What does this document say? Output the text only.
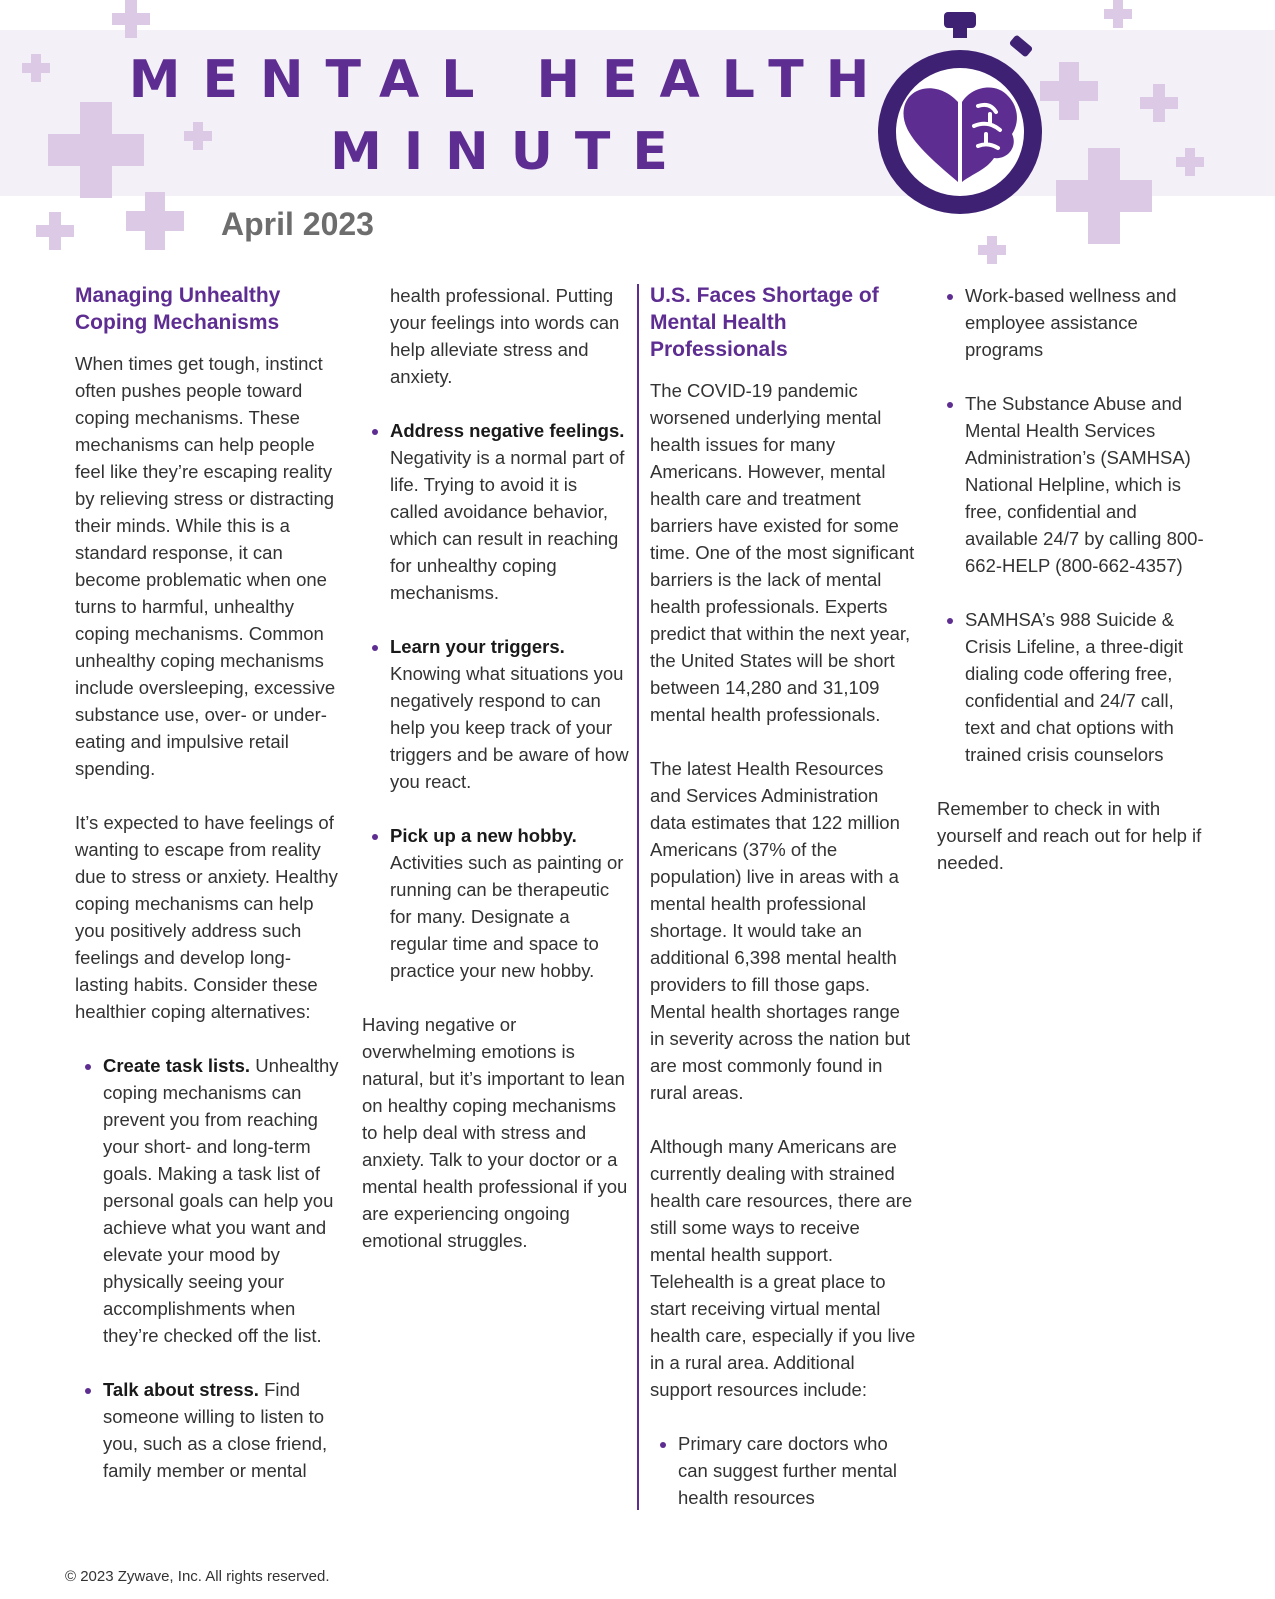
MENTAL HEALTH
MINUTE

April 2023

Managing Unhealthy Coping Mechanisms

When times get tough, instinct often pushes people toward coping mechanisms. These mechanisms can help people feel like they’re escaping reality by relieving stress or distracting their minds. While this is a standard response, it can become problematic when one turns to harmful, unhealthy coping mechanisms. Common unhealthy coping mechanisms include oversleeping, excessive substance use, over- or under-eating and impulsive retail spending.

It’s expected to have feelings of wanting to escape from reality due to stress or anxiety. Healthy coping mechanisms can help you positively address such feelings and develop long-lasting habits. Consider these healthier coping alternatives:

• Create task lists. Unhealthy coping mechanisms can prevent you from reaching your short- and long-term goals. Making a task list of personal goals can help you achieve what you want and elevate your mood by physically seeing your accomplishments when they’re checked off the list.
• Talk about stress. Find someone willing to listen to you, such as a close friend, family member or mental

health professional. Putting your feelings into words can help alleviate stress and anxiety.

• Address negative feelings. Negativity is a normal part of life. Trying to avoid it is called avoidance behavior, which can result in reaching for unhealthy coping mechanisms.
• Learn your triggers. Knowing what situations you negatively respond to can help you keep track of your triggers and be aware of how you react.
• Pick up a new hobby. Activities such as painting or running can be therapeutic for many. Designate a regular time and space to practice your new hobby.

Having negative or overwhelming emotions is natural, but it’s important to lean on healthy coping mechanisms to help deal with stress and anxiety. Talk to your doctor or a mental health professional if you are experiencing ongoing emotional struggles.

U.S. Faces Shortage of Mental Health Professionals

The COVID-19 pandemic worsened underlying mental health issues for many Americans. However, mental health care and treatment barriers have existed for some time. One of the most significant barriers is the lack of mental health professionals. Experts predict that within the next year, the United States will be short between 14,280 and 31,109 mental health professionals.

The latest Health Resources and Services Administration data estimates that 122 million Americans (37% of the population) live in areas with a mental health professional shortage. It would take an additional 6,398 mental health providers to fill those gaps. Mental health shortages range in severity across the nation but are most commonly found in rural areas.

Although many Americans are currently dealing with strained health care resources, there are still some ways to receive mental health support. Telehealth is a great place to start receiving virtual mental health care, especially if you live in a rural area. Additional support resources include:

• Primary care doctors who can suggest further mental health resources
• Work-based wellness and employee assistance programs
• The Substance Abuse and Mental Health Services Administration’s (SAMHSA) National Helpline, which is free, confidential and available 24/7 by calling 800-662-HELP (800-662-4357)
• SAMHSA’s 988 Suicide & Crisis Lifeline, a three-digit dialing code offering free, confidential and 24/7 call, text and chat options with trained crisis counselors

Remember to check in with yourself and reach out for help if needed.

© 2023 Zywave, Inc. All rights reserved.
